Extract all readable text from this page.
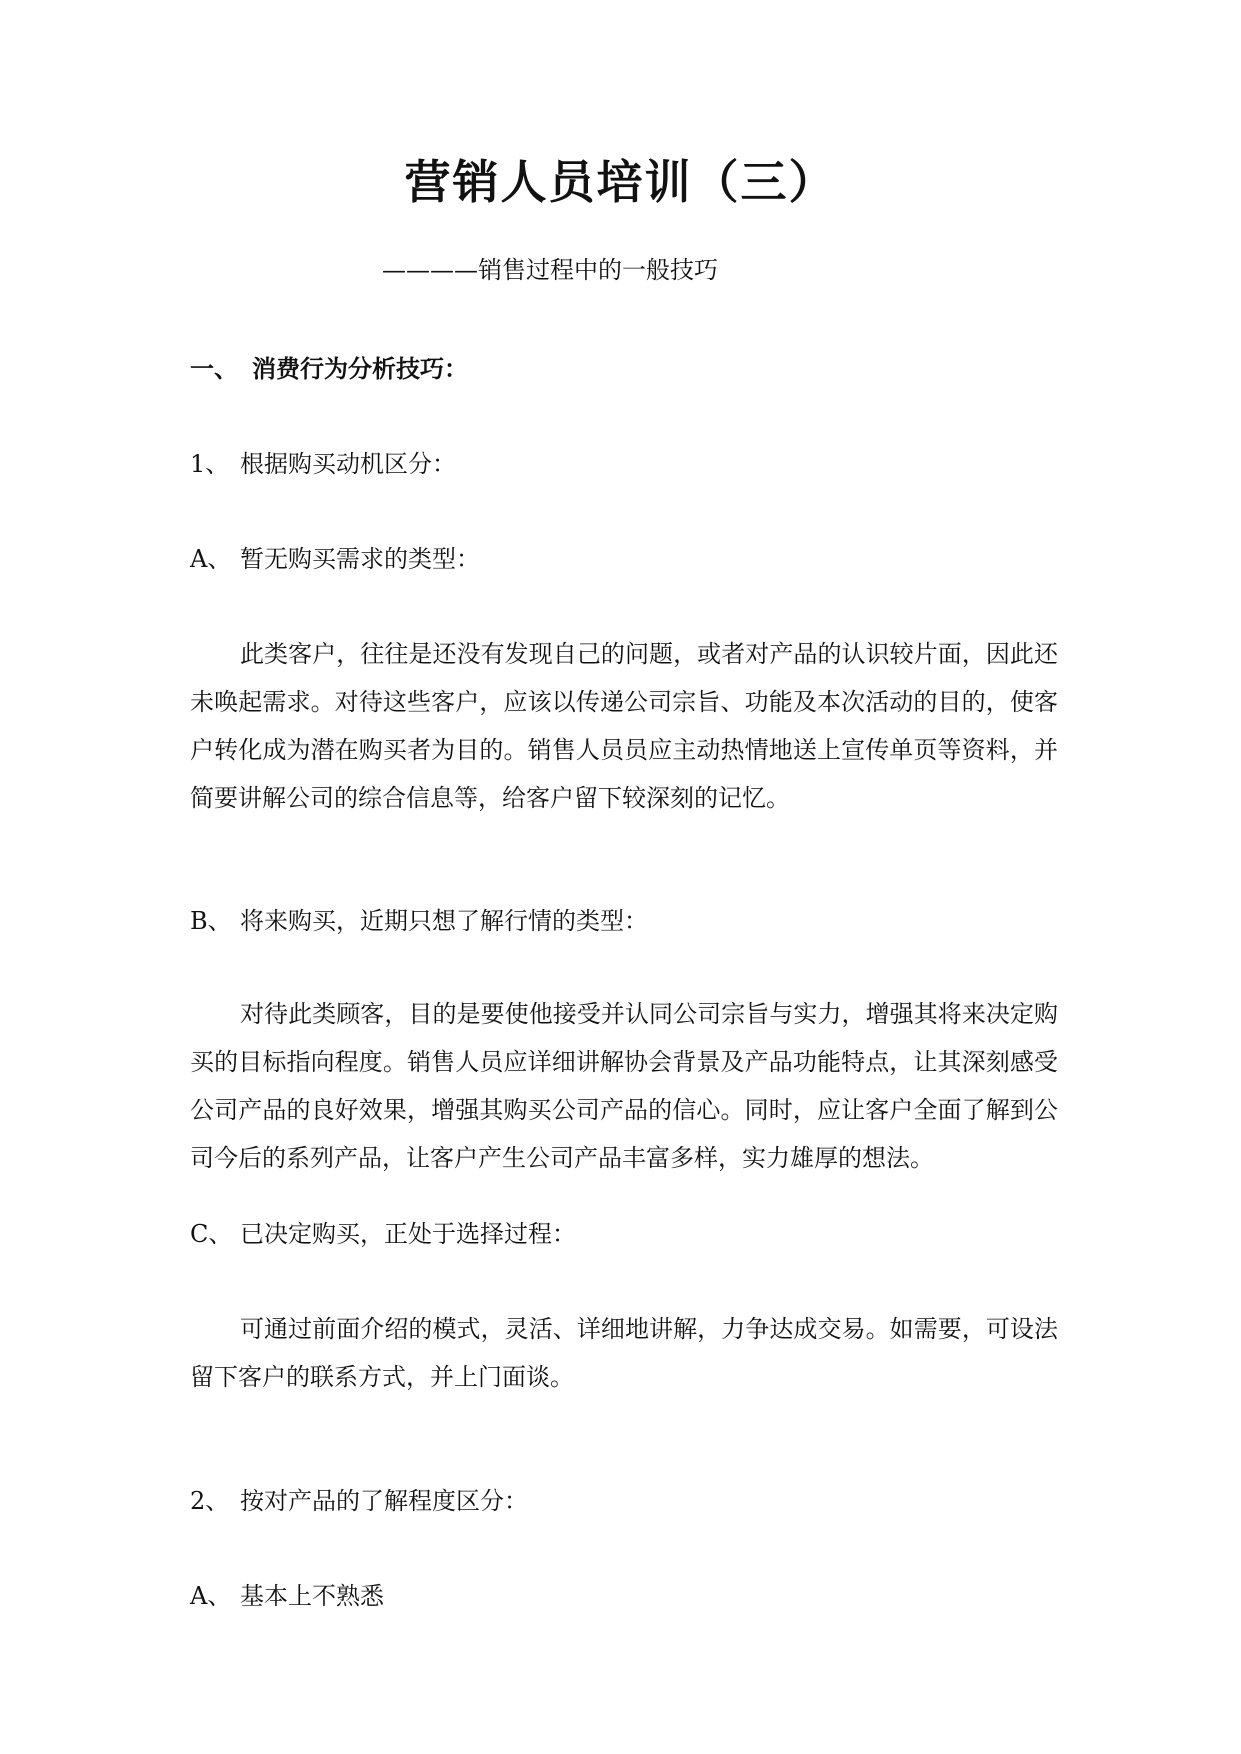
营销人员培训（三）
————销售过程中的一般技巧
一、 消费行为分析技巧：
1、 根据购买动机区分：
A、 暂无购买需求的类型：

此类客户，往往是还没有发现自己的问题，或者对产品的认识较片面，因此还未唤起需求。对待这些客户，应该以传递公司宗旨、功能及本次活动的目的，使客户转化成为潜在购买者为目的。销售人员员应主动热情地送上宣传单页等资料，并简要讲解公司的综合信息等，给客户留下较深刻的记忆。

B、 将来购买，近期只想了解行情的类型：

对待此类顾客，目的是要使他接受并认同公司宗旨与实力，增强其将来决定购买的目标指向程度。销售人员应详细讲解协会背景及产品功能特点，让其深刻感受公司产品的良好效果，增强其购买公司产品的信心。同时，应让客户全面了解到公司今后的系列产品，让客户产生公司产品丰富多样，实力雄厚的想法。

C、 已决定购买，正处于选择过程：

可通过前面介绍的模式，灵活、详细地讲解，力争达成交易。如需要，可设法留下客户的联系方式，并上门面谈。

2、 按对产品的了解程度区分：
A、 基本上不熟悉
